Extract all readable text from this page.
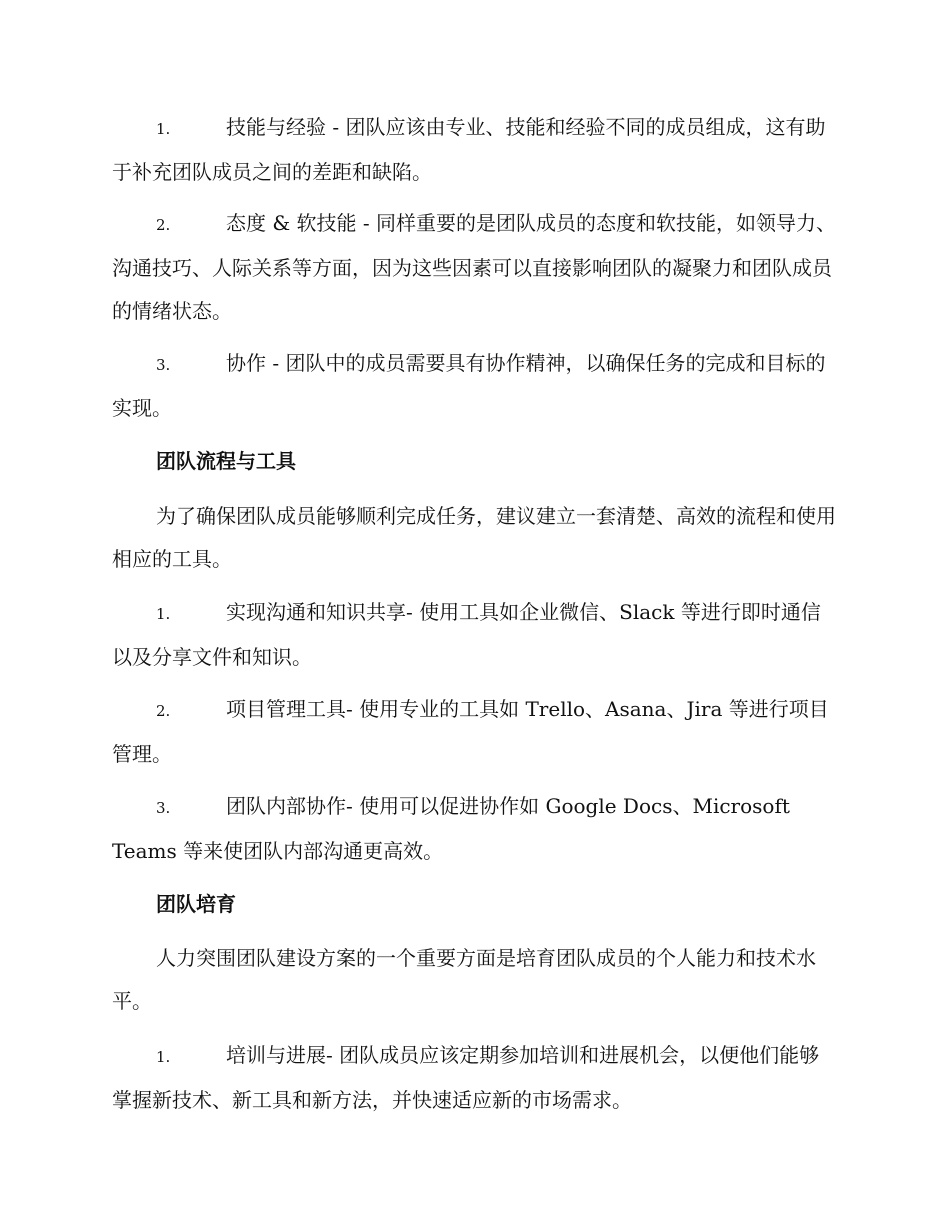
1.	技能与经验 - 团队应该由专业、技能和经验不同的成员组成，这有助于补充团队成员之间的差距和缺陷。
2.	态度 & 软技能 - 同样重要的是团队成员的态度和软技能，如领导力、沟通技巧、人际关系等方面，因为这些因素可以直接影响团队的凝聚力和团队成员的情绪状态。
3.	协作 - 团队中的成员需要具有协作精神，以确保任务的完成和目标的实现。
团队流程与工具
为了确保团队成员能够顺利完成任务，建议建立一套清楚、高效的流程和使用相应的工具。
1.	实现沟通和知识共享- 使用工具如企业微信、Slack 等进行即时通信以及分享文件和知识。
2.	项目管理工具- 使用专业的工具如 Trello、Asana、Jira 等进行项目管理。
3.	团队内部协作- 使用可以促进协作如 Google Docs、Microsoft Teams 等来使团队内部沟通更高效。
团队培育
人力突围团队建设方案的一个重要方面是培育团队成员的个人能力和技术水平。
1.	培训与进展- 团队成员应该定期参加培训和进展机会，以便他们能够掌握新技术、新工具和新方法，并快速适应新的市场需求。
